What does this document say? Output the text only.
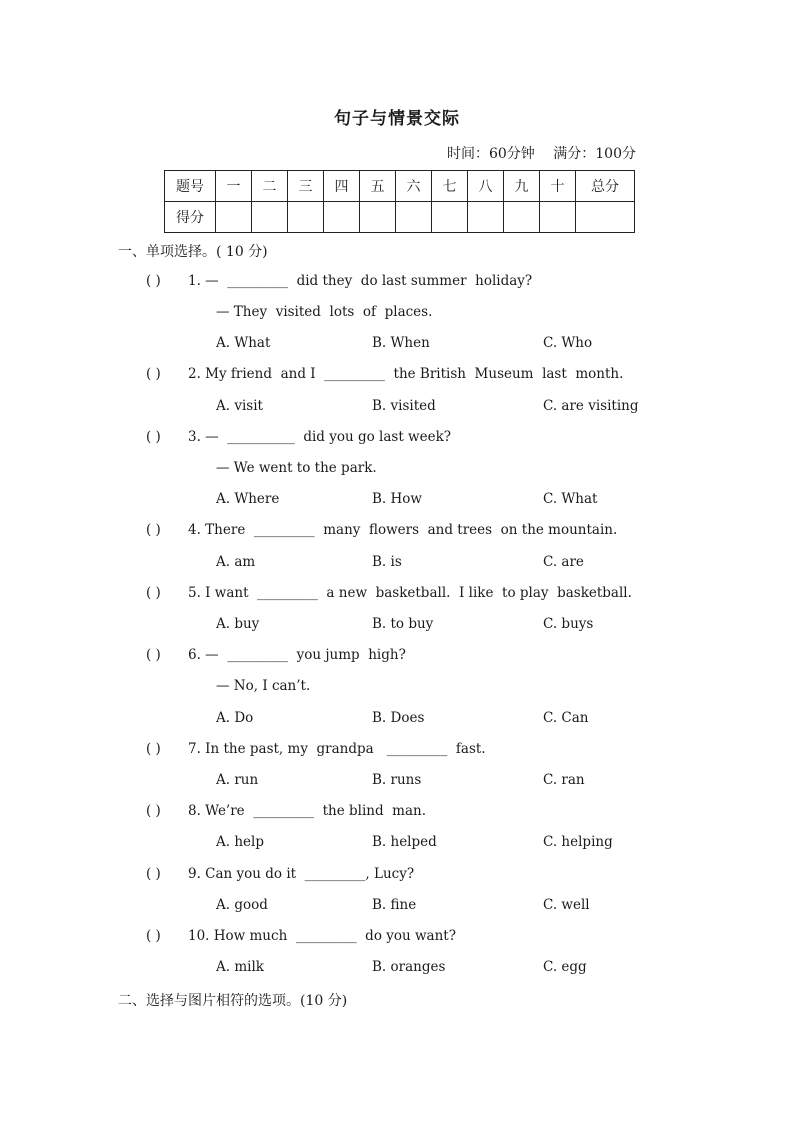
句子与情景交际
时间：60分钟 满分：100分
题号	一	二	三	四	五	六	七	八	九	十	总分
得分											
一、单项选择。( 10 分)
( ) 1. —  _________  did they  do last summer  holiday?
— They  visited  lots  of  places.
A. What	B. When	C. Who
( ) 2. My friend  and I  _________  the British  Museum  last  month.
A. visit	B. visited	C. are visiting
( ) 3. —  __________  did you go last week?
— We went to the park.
A. Where	B. How	C. What
( ) 4. There  _________  many  flowers  and trees  on the mountain.
A. am	B. is	C. are
( ) 5. I want  _________  a new  basketball.  I like  to play  basketball.
A. buy	B. to buy	C. buys
( ) 6. —  _________  you jump  high?
— No, I can’t.
A. Do	B. Does	C. Can
( ) 7. In the past, my  grandpa   _________  fast.
A. run	B. runs	C. ran
( ) 8. We’re  _________  the blind  man.
A. help	B. helped	C. helping
( ) 9. Can you do it  _________, Lucy?
A. good	B. fine	C. well
( ) 10. How much  _________  do you want?
A. milk	B. oranges	C. egg
二、选择与图片相符的选项。(10 分)
